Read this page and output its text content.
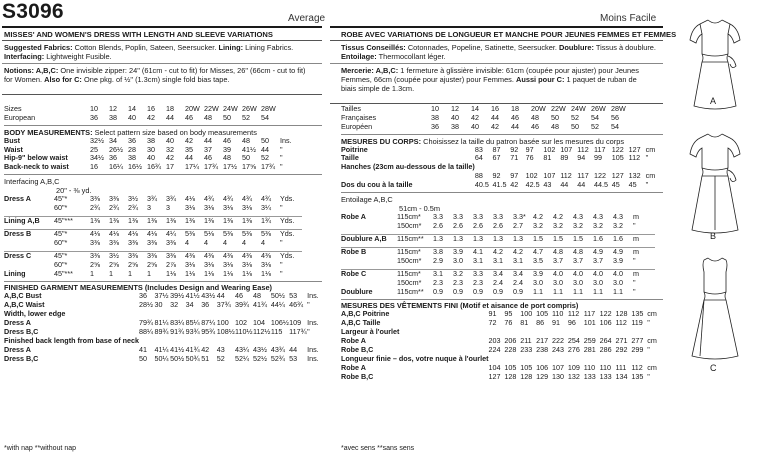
S3096	Average	Moins Facile
MISSES' AND WOMEN'S DRESS WITH LENGTH AND SLEEVE VARIATIONS	ROBE AVEC VARIATIONS DE LONGUEUR ET MANCHE POUR JEUNES FEMMES ET FEMMES
Suggested Fabrics: Cotton Blends, Poplin, Sateen, Seersucker. Lining: Lining Fabrics.
Interfacing: Lightweight Fusible.
Notions: A,B,C: One invisible zipper: 24" (61cm - cut to fit) for Misses, 26" (66cm - cut to fit)
for Women. Also for C: One pkg. of ½" (1.3cm) single fold bias tape.
Tissus Conseillés: Cotonnades, Popeline, Satinette, Seersucker. Doublure: Tissus à doublure.
Entoilage: Thermocollant léger.
Mercerie: A,B,C: 1 fermeture à glissière invisible: 61cm (coupée pour ajuster) pour Jeunes
Femmes, 66cm (coupée pour ajuster) pour Femmes. Aussi pour C: 1 paquet de ruban de
biais simple de 1.3cm.
Sizes	10	12	14	16	18	20W	22W	24W	26W	28W	
European	36	38	40	42	44	46	48	50	52	54	
BODY MEASUREMENTS: Select pattern size based on body measurements
Bust	32½	34	36	38	40	42	44	46	48	50	Ins.
Waist	25	26½	28	30	32	35	37	39	41½	44	"
Hip-9" below waist	34½	36	38	40	42	44	46	48	50	52	"
Back-neck to waist	16	16¼	16½	16¾	17	17¼	17¾	17½	17⅝	17¾	"
Interfacing A,B,C
20" - ⅜ yd.
Dress A	45"*	3⅜	3⅜	3½	3¾	3¾	4⅛	4¾	4¾	4¾	4¾	Yds.
	60"*	2¾	2¾	2¾	3	3	3⅛	3⅛	3⅛	3⅛	3¼	"

Lining A,B	45"***	1⅜	1⅜	1⅜	1⅜	1⅜	1⅜	1⅜	1⅜	1⅜	1¾	Yds.

Dress B	45"*	4⅛	4⅛	4⅛	4⅛	4¼	5⅜	5⅛	5⅜	5⅜	5⅜	Yds.
	60"*	3⅜	3⅜	3⅜	3⅜	3⅜	4	4	4	4	4	"

Dress C	45"*	3⅜	3½	3⅜	3⅜	3⅜	4⅜	4⅜	4⅜	4⅜	4⅜	Yds.
	60"*	2⅝	2⅝	2⅝	2⅝	2⅞	3⅛	3⅛	3⅛	3⅛	3⅛	"
Lining	45"***	1	1	1	1	1⅛	1⅛	1⅛	1⅛	1⅛	1⅛	"
FINISHED GARMENT MEASUREMENTS (Includes Design and Wearing Ease)
A,B,C Bust	36	37½	39½	41½	43½	44	46	48	50½	53	Ins.
A,B,C Waist	28½	30	32	34	36	37¾	39¾	41¾	44¼	46¾	"
Width, lower edge											
Dress A	79¾	81¼	83¼	85¼	87¼	100	102	104	106½	109	Ins.
Dress B,C	88¼	89¾	91¾	93¾	95¾	108½	110½	112½	115	117¾	"
Finished back length from base of neck											
Dress A	41	41¼	41½	41¾	42	43	43¼	43½	43¾	44	Ins.
Dress B,C	50	50¼	50½	50¾	51	52	52¼	52½	52¾	53	Ins.
Tailles	10	12	14	16	18	20W	22W	24W	26W	28W	
Françaises	38	40	42	44	46	48	50	52	54	56	
Européen	36	38	40	42	44	46	48	50	52	54	
MESURES DU CORPS: Choisissez la taille du patron basée sur les mesures du corps
Poitrine	83	87	92	97	102	107	112	117	122	127	cm
Taille	64	67	71	76	81	89	94	99	105	112	"
Hanches (23cm au-dessous de la taille)											
	88	92	97	102	107	112	117	122	127	132	cm
Dos du cou à la taille	40.5	41.5	42	42.5	43	44	44	44.5	45	45	"
Entoilage A,B,C
51cm - 0.5m
Robe A	115cm*	3.3	3.3	3.3	3.3	3.3*	4.2	4.2	4.3	4.3	4.3	m
	150cm*	2.6	2.6	2.6	2.6	2.7	3.2	3.2	3.2	3.2	3.2	"

Doublure A,B	115cm**	1.3	1.3	1.3	1.3	1.3	1.5	1.5	1.5	1.6	1.6	m

Robe B	115cm*	3.8	3.9	4.1	4.2	4.2	4.7	4.8	4.8	4.9	4.9	m
	150cm*	2.9	3.0	3.1	3.1	3.1	3.5	3.7	3.7	3.7	3.9	"

Robe C	115cm*	3.1	3.2	3.3	3.4	3.4	3.9	4.0	4.0	4.0	4.0	m
	150cm*	2.3	2.3	2.3	2.4	2.4	3.0	3.0	3.0	3.0	3.0	"
Doublure	115cm**	0.9	0.9	0.9	0.9	0.9	1.1	1.1	1.1	1.1	1.1	"
MESURES DES VÊTEMENTS FINI (Motif et aisance de port compris)
A,B,C Poitrine	91	95	100	105	110	112	117	122	128	135	cm
A,B,C Taille	72	76	81	86	91	96	101	106	112	119	"
Largeur à l'ourlet											
Robe A	203	206	211	217	222	254	259	264	271	277	cm
Robe B,C	224	228	233	238	243	276	281	286	292	299	"
Longueur finie – dos, votre nuque à l'ourlet											
Robe A	104	105	105	106	107	109	110	110	111	112	cm
Robe B,C	127	128	128	129	130	132	133	133	134	135	"
*with nap **without nap	*avec sens **sans sens
A
B
C
